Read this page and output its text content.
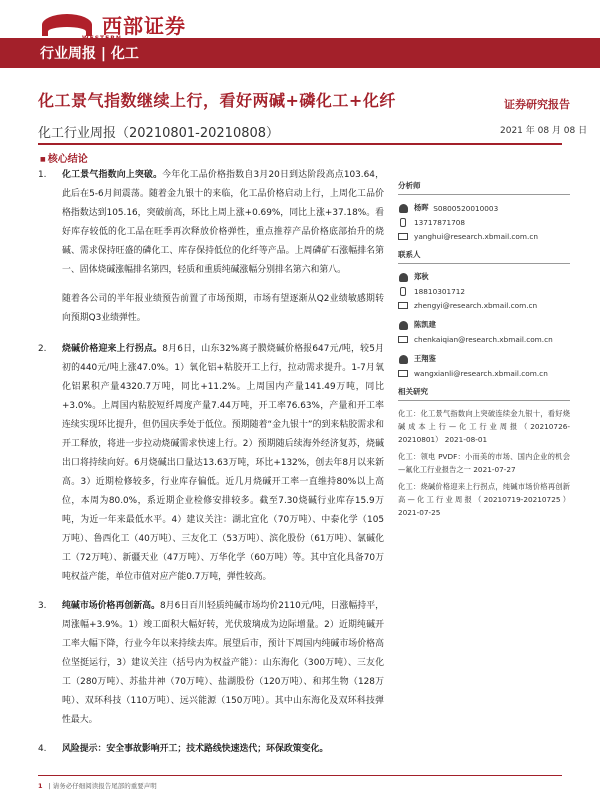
西部证券
行业周报 | 化工
化工景气指数继续上行，看好两碱+磷化工+化纤
化工行业周报（20210801-20210808）
证券研究报告
2021 年 08 月 08 日
■ 核心结论
1.	化工景气指数向上突破。今年化工品价格指数自3月20日到达阶段高点103.64，此后在5-6月间震荡。随着金九银十的来临，化工品价格启动上行，上周化工品价格指数达到105.16，突破前高，环比上周上涨+0.69%，同比上涨+37.18%。看好库存较低的化工品在旺季再次释放价格弹性，重点推荐产品价格底部抬升的烧碱、需求保持旺盛的磷化工、库存保持低位的化纤等产品。上周磷矿石涨幅排名第一、固体烧碱涨幅排名第四，轻质和重质纯碱涨幅分别排名第六和第八。
随着各公司的半年报业绩预告前置了市场预期，市场有望逐渐从Q2业绩敏感期转向预期Q3业绩弹性。
2.	烧碱价格迎来上行拐点。8月6日，山东32%离子膜烧碱价格报647元/吨，较5月初的440元/吨上涨47.0%。1）氧化铝+粘胶开工上行，拉动需求提升。1-7月氧化铝累积产量4320.7万吨，同比+11.2%。上周国内产量141.49万吨，同比+3.0%。上周国内粘胶短纤周度产量7.44万吨，开工率76.63%，产量和开工率连续实现环比提升，但仍国庆季处于低位。预期随着“金九银十”的到来粘胶需求和开工释放，将进一步拉动烧碱需求快速上行。2）预期随后续海外经济复苏，烧碱出口将持续向好。6月烧碱出口量达13.63万吨，环比+132%，创去年8月以来新高。3）近期检修较多，行业库存偏低。近几月烧碱开工率一直维持80%以上高位，本周为80.0%，系近期企业检修安排较多。截至7.30烧碱行业库存15.9万吨，为近一年来最低水平。4）建议关注：湖北宜化（70万吨）、中泰化学（105万吨）、鲁西化工（40万吨）、三友化工（53万吨）、滨化股份（61万吨）、氯碱化工（72万吨）、新疆天业（47万吨）、万华化学（60万吨）等。其中宜化具备70万吨权益产能，单位市值对应产能0.7万吨，弹性较高。
3.	纯碱市场价格再创新高。8月6日百川轻质纯碱市场均价2110元/吨，日涨幅持平，周涨幅+3.9%。1）竣工面积大幅好转，光伏玻璃成为边际增量。2）近期纯碱开工率大幅下降，行业今年以来持续去库。展望后市，预计下周国内纯碱市场价格高位坚挺运行，3）建议关注（括号内为权益产能）：山东海化（300万吨）、三友化工（280万吨）、苏盐井神（70万吨）、盐湖股份（120万吨）、和邦生物（128万吨）、双环科技（110万吨）、远兴能源（150万吨）。其中山东海化及双环科技弹性最大。
4.	风险提示：安全事故影响开工；技术路线快速迭代；环保政策变化。
分析师
杨晖
S0800520010003
13717871708
yanghui@research.xbmail.com.cn
联系人
郑秋
18810301712
zhengyi@research.xbmail.com.cn
陈凯建
chenkaiqian@research.xbmail.com.cn
王翔鉴
wangxianli@research.xbmail.com.cn
相关研究
化工：化工景气指数向上突破连续金九银十，看好烧碱成本上行—化工行业周报（20210726-20210801） 2021-08-01
化工：领电 PVDF：小而美的市场、国内企业的机会—氟化工行业报告之一 2021-07-27
化工：烧碱价格迎来上行拐点，纯碱市场价格再创新高—化工行业周报（20210719-20210725） 2021-07-25
1 | 请务必仔细阅读报告尾部的重要声明
